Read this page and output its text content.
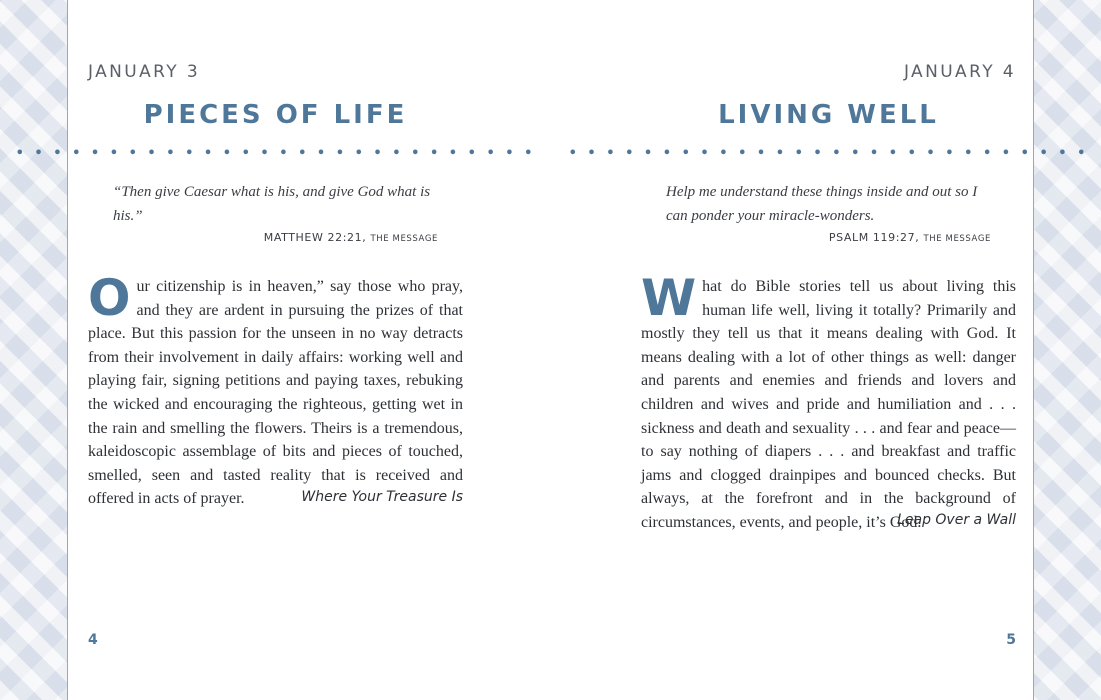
JANUARY 3
PIECES OF LIFE
• • • • • • • • • • • • • • • • • • • • • • • • • • • •
“Then give Caesar what is his, and give God what is his.”
MATTHEW 22:21, THE MESSAGE

Our citizenship is in heaven,” say those who pray, and they are ardent in pursuing the prizes of that place. But this passion for the unseen in no way detracts from their involvement in daily affairs: working well and playing fair, signing petitions and paying taxes, rebuking the wicked and encouraging the righteous, getting wet in the rain and smelling the flowers. Theirs is a tremendous, kaleidoscopic assemblage of bits and pieces of touched, smelled, seen and tasted reality that is received and offered in acts of prayer.	Where Your Treasure Is
4
JANUARY 4
LIVING WELL
• • • • • • • • • • • • • • • • • • • • • • • • • • • •
Help me understand these things inside and out so I can ponder your miracle-wonders.
PSALM 119:27, THE MESSAGE

What do Bible stories tell us about living this human life well, living it totally? Primarily and mostly they tell us that it means dealing with God. It means dealing with a lot of other things as well: danger and parents and enemies and friends and lovers and children and wives and pride and humiliation and . . . sickness and death and sexuality . . . and fear and peace—to say nothing of diapers . . . and breakfast and traffic jams and clogged drainpipes and bounced checks. But always, at the forefront and in the background of circumstances, events, and people, it’s God.

Leap Over a Wall
5
